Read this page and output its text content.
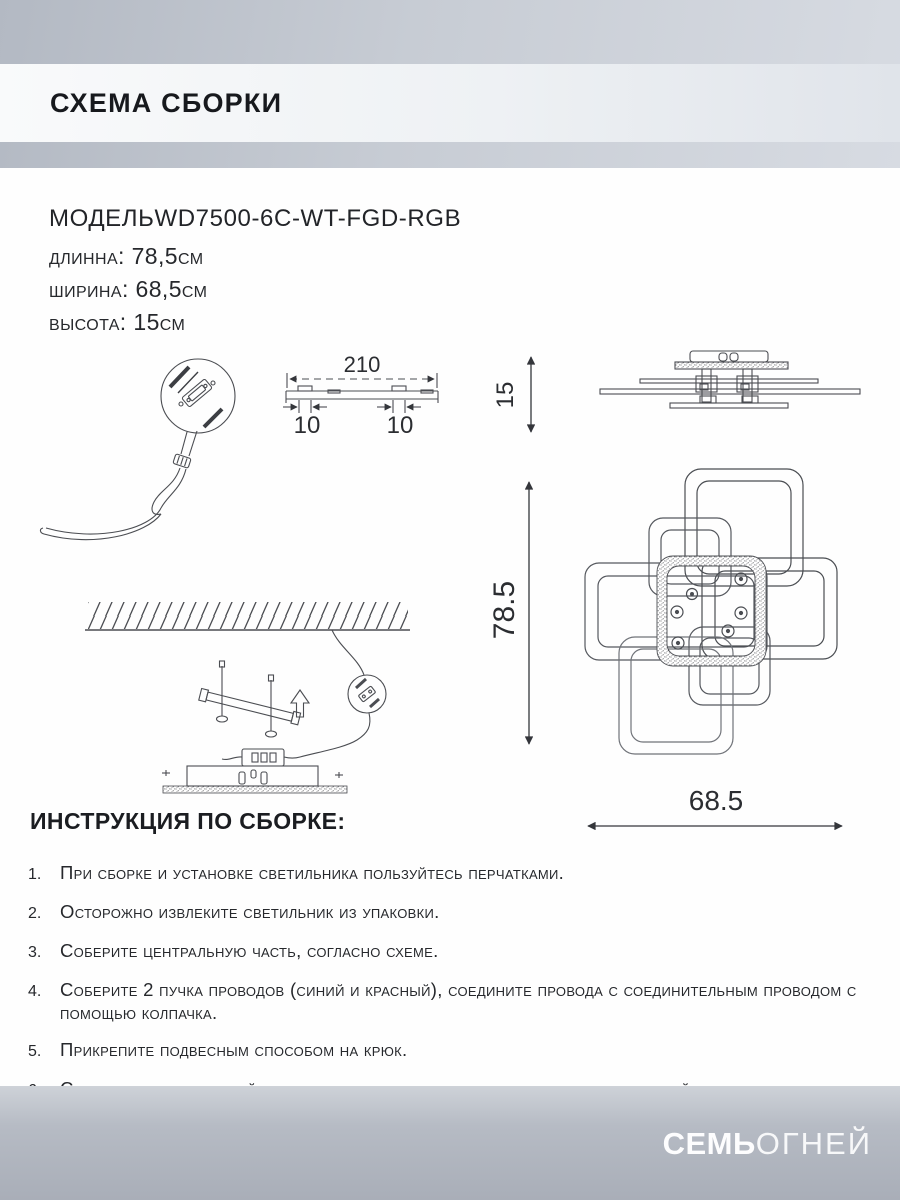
СХЕМА СБОРКИ
МОДЕЛЬWD7500-6C-WT-FGD-RGB
длинна: 78,5см
ширина: 68,5см
высота: 15см
210
10	10
15
78.5
68.5
ИНСТРУКЦИЯ ПО СБОРКЕ:
1.	При сборке и установке светильника пользуйтесь перчатками.
2.	Осторожно извлеките светильник из упаковки.
3.	Соберите центральную часть, согласно схеме.
4.	Соберите 2 пучка проводов (синий и красный), соедините провода с соединительным проводом с помощью колпачка.
5.	Прикрепите подвесным способом на крюк.
СЕМЬОГНЕЙ
